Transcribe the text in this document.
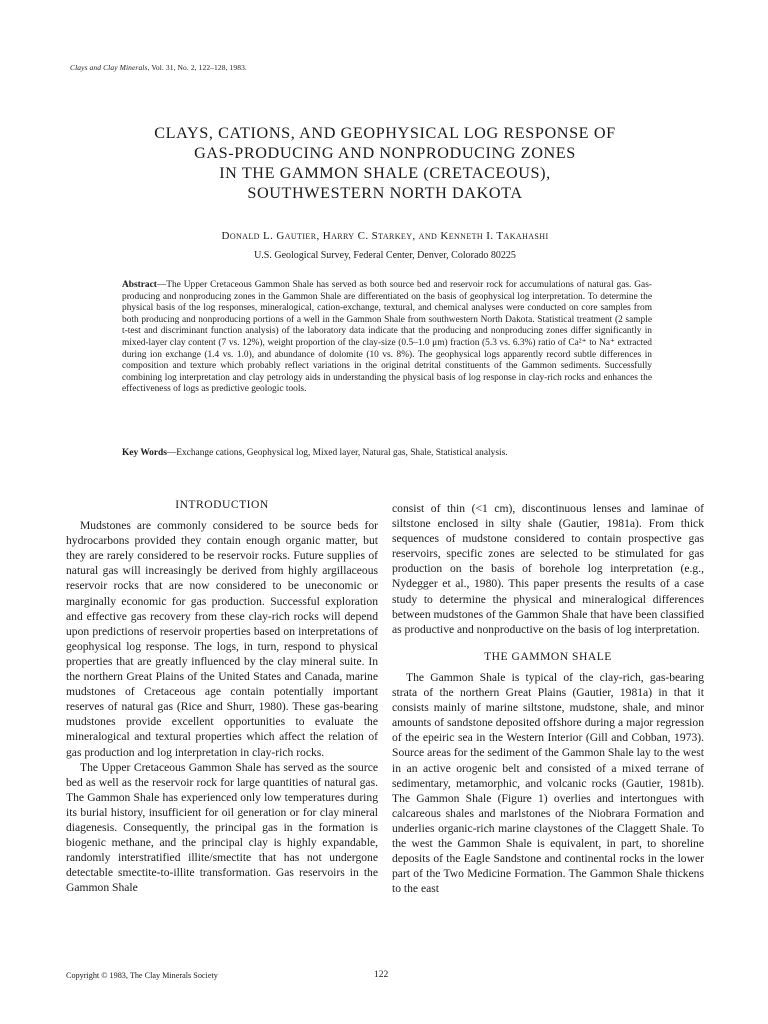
Clays and Clay Minerals, Vol. 31, No. 2, 122–128, 1983.
CLAYS, CATIONS, AND GEOPHYSICAL LOG RESPONSE OF
GAS-PRODUCING AND NONPRODUCING ZONES
IN THE GAMMON SHALE (CRETACEOUS),
SOUTHWESTERN NORTH DAKOTA
Donald L. Gautier, Harry C. Starkey, and Kenneth I. Takahashi
U.S. Geological Survey, Federal Center, Denver, Colorado 80225
Abstract—The Upper Cretaceous Gammon Shale has served as both source bed and reservoir rock for accumulations of natural gas. Gas-producing and nonproducing zones in the Gammon Shale are differentiated on the basis of geophysical log interpretation. To determine the physical basis of the log responses, mineralogical, cation-exchange, textural, and chemical analyses were conducted on core samples from both producing and nonproducing portions of a well in the Gammon Shale from southwestern North Dakota. Statistical treatment (2 sample t-test and discriminant function analysis) of the laboratory data indicate that the producing and nonproducing zones differ significantly in mixed-layer clay content (7 vs. 12%), weight proportion of the clay-size (0.5–1.0 μm) fraction (5.3 vs. 6.3%) ratio of Ca²⁺ to Na⁺ extracted during ion exchange (1.4 vs. 1.0), and abundance of dolomite (10 vs. 8%). The geophysical logs apparently record subtle differences in composition and texture which probably reflect variations in the original detrital constituents of the Gammon sediments. Successfully combining log interpretation and clay petrology aids in understanding the physical basis of log response in clay-rich rocks and enhances the effectiveness of logs as predictive geologic tools.
Key Words—Exchange cations, Geophysical log, Mixed layer, Natural gas, Shale, Statistical analysis.
INTRODUCTION

Mudstones are commonly considered to be source beds for hydrocarbons provided they contain enough organic matter, but they are rarely considered to be reservoir rocks. Future supplies of natural gas will increasingly be derived from highly argillaceous reservoir rocks that are now considered to be uneconomic or marginally economic for gas production. Successful exploration and effective gas recovery from these clay-rich rocks will depend upon predictions of reservoir properties based on interpretations of geophysical log response. The logs, in turn, respond to physical properties that are greatly influenced by the clay mineral suite. In the northern Great Plains of the United States and Canada, marine mudstones of Cretaceous age contain potentially important reserves of natural gas (Rice and Shurr, 1980). These gas-bearing mudstones provide excellent opportunities to evaluate the mineralogical and textural properties which affect the relation of gas production and log interpretation in clay-rich rocks.

The Upper Cretaceous Gammon Shale has served as the source bed as well as the reservoir rock for large quantities of natural gas. The Gammon Shale has experienced only low temperatures during its burial history, insufficient for oil generation or for clay mineral diagenesis. Consequently, the principal gas in the formation is biogenic methane, and the principal clay is highly expandable, randomly interstratified illite/smectite that has not undergone detectable smectite-to-illite transformation. Gas reservoirs in the Gammon Shale

consist of thin (<1 cm), discontinuous lenses and laminae of siltstone enclosed in silty shale (Gautier, 1981a). From thick sequences of mudstone considered to contain prospective gas reservoirs, specific zones are selected to be stimulated for gas production on the basis of borehole log interpretation (e.g., Nydegger et al., 1980). This paper presents the results of a case study to determine the physical and mineralogical differences between mudstones of the Gammon Shale that have been classified as productive and nonproductive on the basis of log interpretation.

THE GAMMON SHALE

The Gammon Shale is typical of the clay-rich, gas-bearing strata of the northern Great Plains (Gautier, 1981a) in that it consists mainly of marine siltstone, mudstone, shale, and minor amounts of sandstone deposited offshore during a major regression of the epeiric sea in the Western Interior (Gill and Cobban, 1973). Source areas for the sediment of the Gammon Shale lay to the west in an active orogenic belt and consisted of a mixed terrane of sedimentary, metamorphic, and volcanic rocks (Gautier, 1981b). The Gammon Shale (Figure 1) overlies and intertongues with calcareous shales and marlstones of the Niobrara Formation and underlies organic-rich marine claystones of the Claggett Shale. To the west the Gammon Shale is equivalent, in part, to shoreline deposits of the Eagle Sandstone and continental rocks in the lower part of the Two Medicine Formation. The Gammon Shale thickens to the east

Copyright © 1983, The Clay Minerals Society	122
